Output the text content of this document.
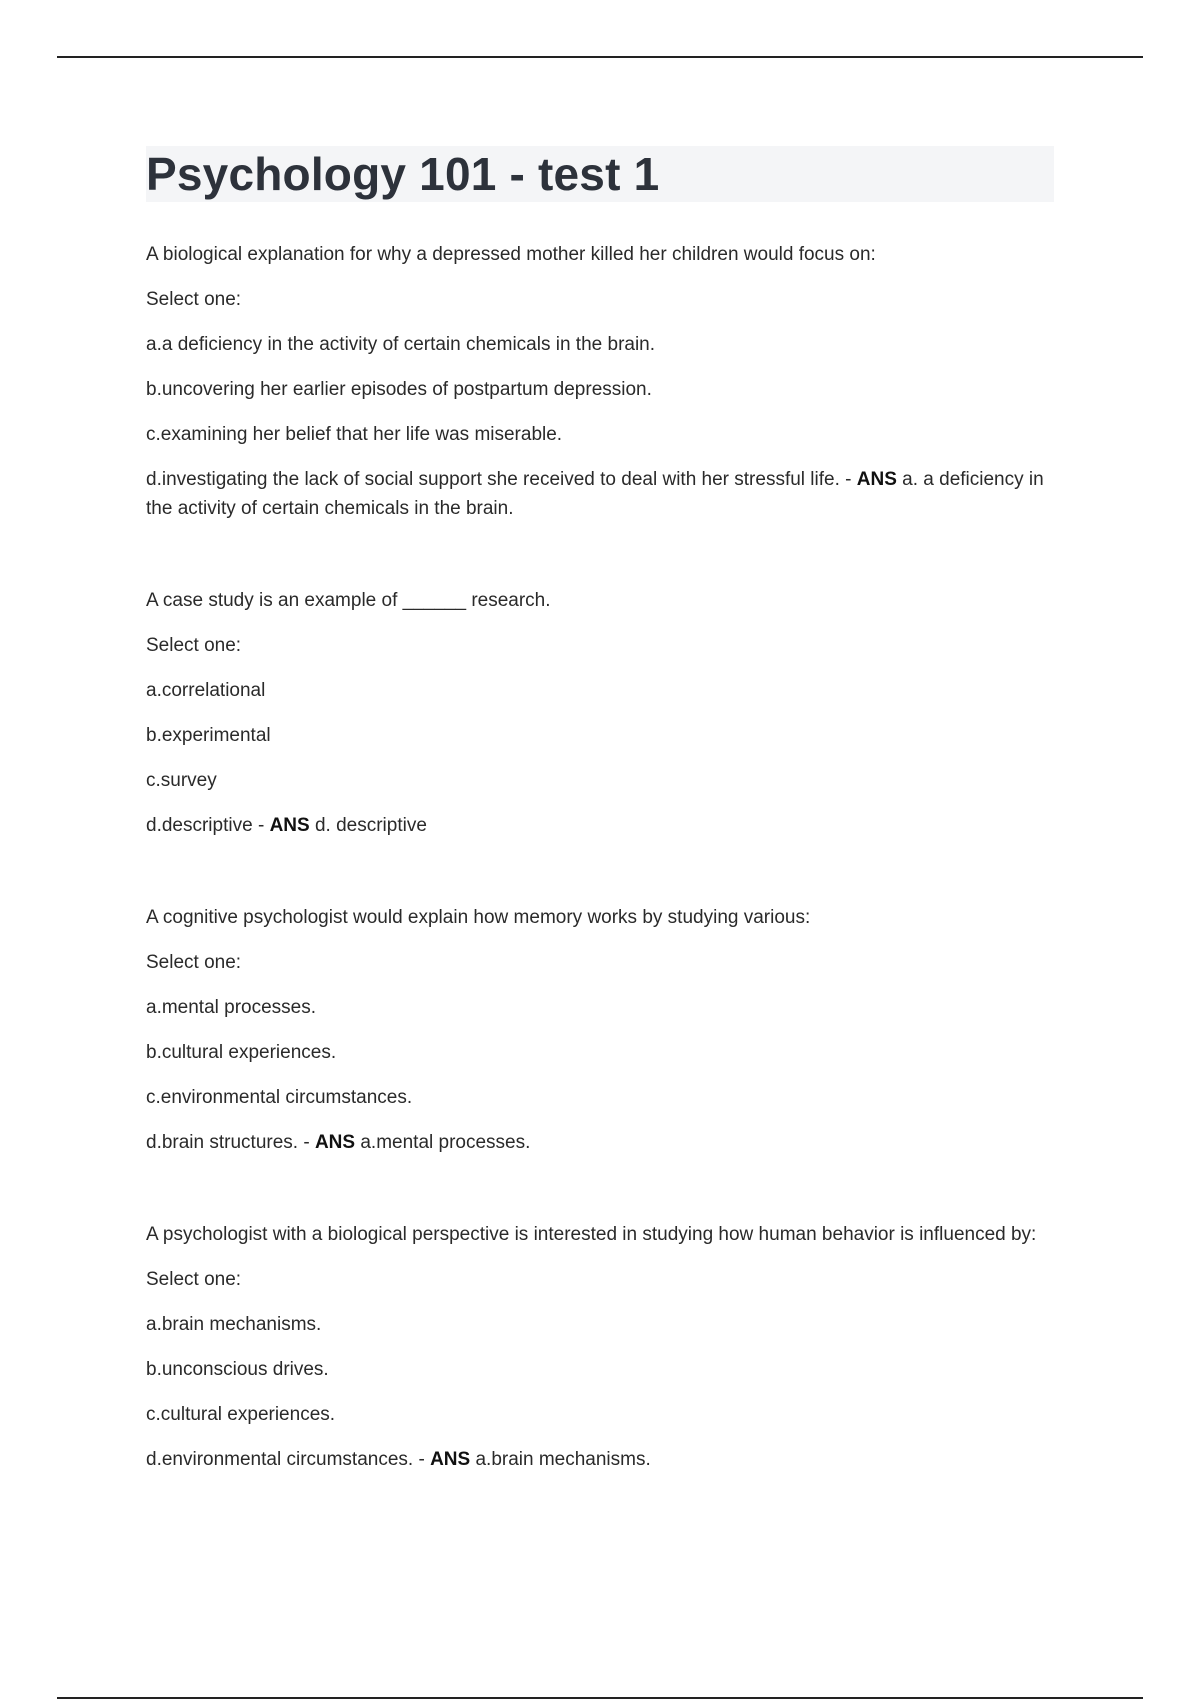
Psychology 101 - test 1

A biological explanation for why a depressed mother killed her children would focus on:

Select one:

a.a deficiency in the activity of certain chemicals in the brain.

b.uncovering her earlier episodes of postpartum depression.

c.examining her belief that her life was miserable.

d.investigating the lack of social support she received to deal with her stressful life. - ANS a. a deficiency in the activity of certain chemicals in the brain.

A case study is an example of ______ research.

Select one:

a.correlational

b.experimental

c.survey

d.descriptive - ANS d. descriptive

A cognitive psychologist would explain how memory works by studying various:

Select one:

a.mental processes.

b.cultural experiences.

c.environmental circumstances.

d.brain structures. - ANS a.mental processes.

A psychologist with a biological perspective is interested in studying how human behavior is influenced by:

Select one:

a.brain mechanisms.

b.unconscious drives.

c.cultural experiences.

d.environmental circumstances. - ANS a.brain mechanisms.
